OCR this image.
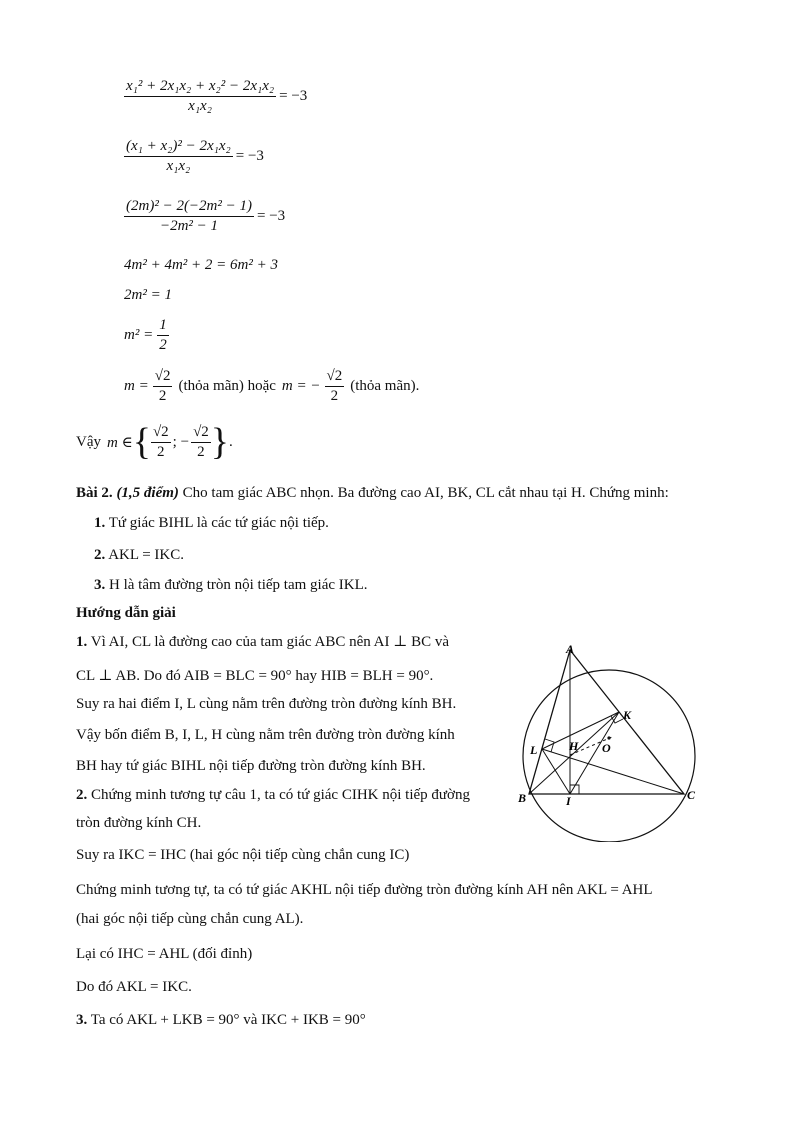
$\frac{\text{x₁² + 2x₁x₂ + x₂² − 2x₁x₂}}{\text{x₁x₂}} = -3$
$\frac{\text{(x₁ + x₂)² − 2x₁x₂}}{\text{x₁x₂}} = -3$
$\frac{\text{(2m)² − 2(−2m² − 1)}}{\text{−2m² − 1}} = -3$
4m² + 4m² + 2 = 6m² + 3
2m² = 1
$m^2 = \frac{1}{2}$
$m = \frac{√2}{2}$ (thỏa mãn) hoặc m = − $\frac{√2}{2}$ (thỏa mãn).
Vậy m ∈ { $\frac{√2}{2}$ ; − $\frac{√2}{2}$ } .
Bài 2. (1,5 điểm) Cho tam giác ABC nhọn. Ba đường cao AI, BK, CL cắt nhau tại H. Chứng minh:
1. Tứ giác BIHL là các tứ giác nội tiếp.
2. AKL = IKC.
3. H là tâm đường tròn nội tiếp tam giác IKL.
Hướng dẫn giải
1. Vì AI, CL là đường cao của tam giác ABC nên AI ⊥ BC và
CL ⊥ AB. Do đó AIB = BLC = 90° hay HIB = BLH = 90°.
Suy ra hai điểm I, L cùng nằm trên đường tròn đường kính BH.
Vậy bốn điểm B, I, L, H cùng nằm trên đường tròn đường kính
BH hay tứ giác BIHL nội tiếp đường tròn đường kính BH.
2. Chứng minh tương tự câu 1, ta có tứ giác CIHK nội tiếp đường
tròn đường kính CH.
Suy ra IKC = IHC (hai góc nội tiếp cùng chắn cung IC)
Chứng minh tương tự, ta có tứ giác AKHL nội tiếp đường tròn đường kính AH nên AKL = AHL
(hai góc nội tiếp cùng chắn cung AL).
Lại có IHC = AHL (đối đỉnh)
Do đó AKL = IKC.
3. Ta có AKL + LKB = 90° và IKC + IKB = 90°
A
B	C
I
K
L	H O
